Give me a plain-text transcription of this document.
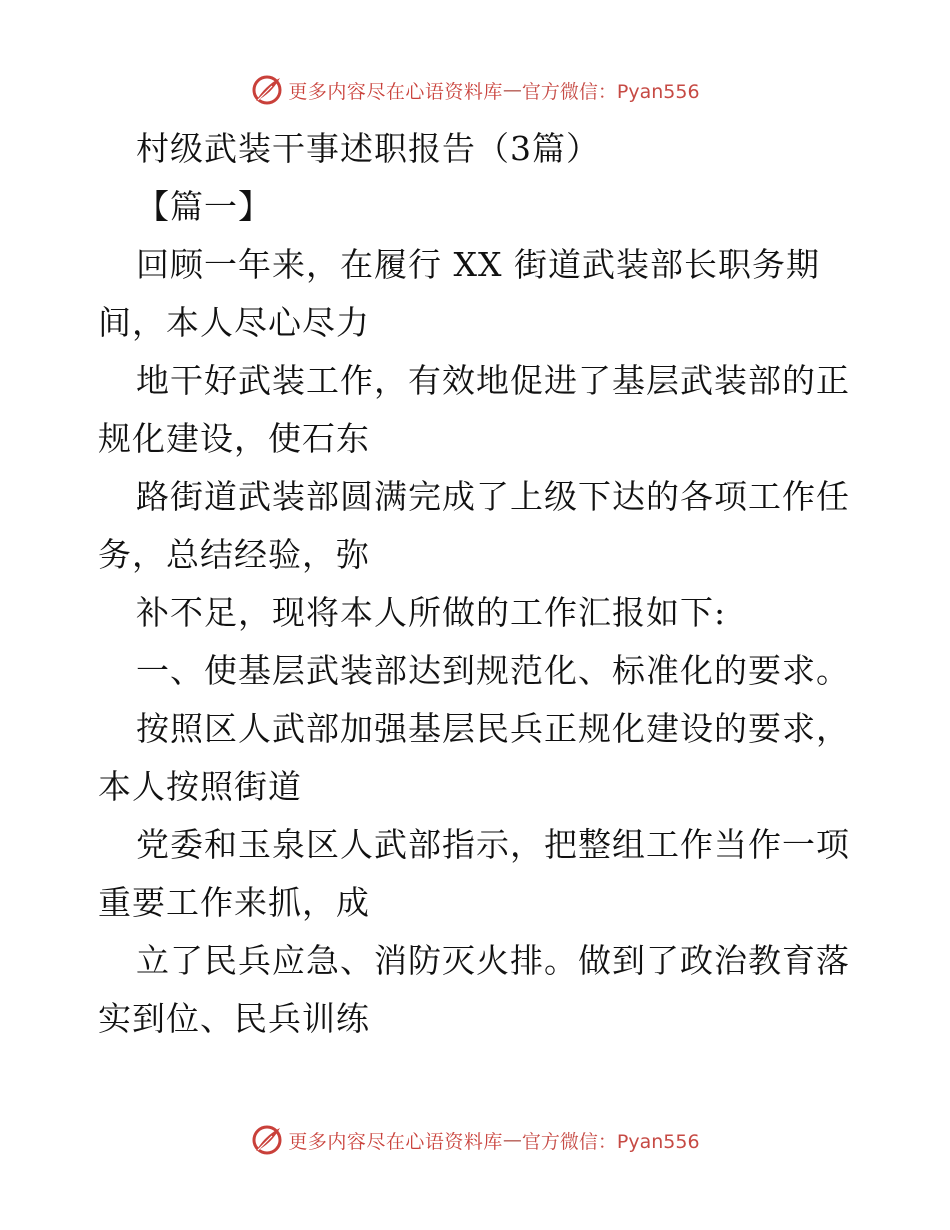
更多内容尽在心语资料库 — 官方微信：Pyan556
村级武装干事述职报告（3篇）
【篇一】
回顾一年来，在履行 XX 街道武装部长职务期
间，本人尽心尽力
地干好武装工作，有效地促进了基层武装部的正
规化建设，使石东
路街道武装部圆满完成了上级下达的各项工作任
务，总结经验，弥
补不足，现将本人所做的工作汇报如下:
一、使基层武装部达到规范化、标准化的要求。
按照区人武部加强基层民兵正规化建设的要求，
本人按照街道
党委和玉泉区人武部指示，把整组工作当作一项
重要工作来抓，成
立了民兵应急、消防灭火排。做到了政治教育落
实到位、民兵训练
更多内容尽在心语资料库 — 官方微信：Pyan556
